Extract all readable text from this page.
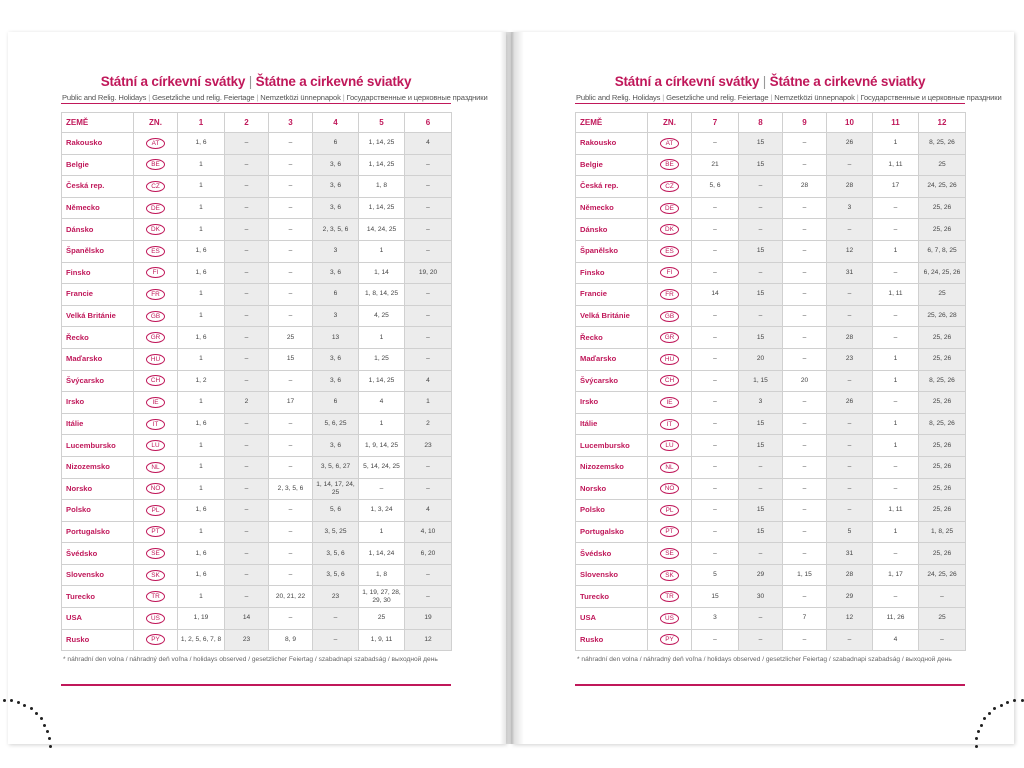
Státní a církevní svátky | Štátne a cirkevné sviatky
Public and Relig. Holidays | Gesetzliche und relig. Feiertage | Nemzetközi ünnepnapok | Государственные и церковные праздники
ZEMĚ	ZN.	1	2	3	4	5	6
Rakousko	AT	1, 6	–	–	6	1, 14, 25	4
Belgie	BE	1	–	–	3, 6	1, 14, 25	–
Česká rep.	CZ	1	–	–	3, 6	1, 8	–
Německo	DE	1	–	–	3, 6	1, 14, 25	–
Dánsko	DK	1	–	–	2, 3, 5, 6	14, 24, 25	–
Španělsko	ES	1, 6	–	–	3	1	–
Finsko	FI	1, 6	–	–	3, 6	1, 14	19, 20
Francie	FR	1	–	–	6	1, 8, 14, 25	–
Velká Británie	GB	1	–	–	3	4, 25	–
Řecko	GR	1, 6	–	25	13	1	–
Maďarsko	HU	1	–	15	3, 6	1, 25	–
Švýcarsko	CH	1, 2	–	–	3, 6	1, 14, 25	4
Irsko	IE	1	2	17	6	4	1
Itálie	IT	1, 6	–	–	5, 6, 25	1	2
Lucembursko	LU	1	–	–	3, 6	1, 9, 14, 25	23
Nizozemsko	NL	1	–	–	3, 5, 6, 27	5, 14, 24, 25	–
Norsko	NO	1	–	2, 3, 5, 6	1, 14, 17, 24, 25	–	–
Polsko	PL	1, 6	–	–	5, 6	1, 3, 24	4
Portugalsko	PT	1	–	–	3, 5, 25	1	4, 10
Švédsko	SE	1, 6	–	–	3, 5, 6	1, 14, 24	6, 20
Slovensko	SK	1, 6	–	–	3, 5, 6	1, 8	–
Turecko	TR	1	–	20, 21, 22	23	1, 19, 27, 28, 29, 30	–
USA	US	1, 19	14	–	–	25	19
Rusko	PY	1, 2, 5, 6, 7, 8	23	8, 9	–	1, 9, 11	12
* náhradní den volna / náhradný deň voľna / holidays observed / gesetzlicher Feiertag / szabadnapi szabadság / выходной день
Státní a církevní svátky | Štátne a cirkevné sviatky
Public and Relig. Holidays | Gesetzliche und relig. Feiertage | Nemzetközi ünnepnapok | Государственные и церковные праздники
ZEMĚ	ZN.	7	8	9	10	11	12
Rakousko	AT	–	15	–	26	1	8, 25, 26
Belgie	BE	21	15	–	–	1, 11	25
Česká rep.	CZ	5, 6	–	28	28	17	24, 25, 26
Německo	DE	–	–	–	3	–	25, 26
Dánsko	DK	–	–	–	–	–	25, 26
Španělsko	ES	–	15	–	12	1	6, 7, 8, 25
Finsko	FI	–	–	–	31	–	6, 24, 25, 26
Francie	FR	14	15	–	–	1, 11	25
Velká Británie	GB	–	–	–	–	–	25, 26, 28
Řecko	GR	–	15	–	28	–	25, 26
Maďarsko	HU	–	20	–	23	1	25, 26
Švýcarsko	CH	–	1, 15	20	–	1	8, 25, 26
Irsko	IE	–	3	–	26	–	25, 26
Itálie	IT	–	15	–	–	1	8, 25, 26
Lucembursko	LU	–	15	–	–	1	25, 26
Nizozemsko	NL	–	–	–	–	–	25, 26
Norsko	NO	–	–	–	–	–	25, 26
Polsko	PL	–	15	–	–	1, 11	25, 26
Portugalsko	PT	–	15	–	5	1	1, 8, 25
Švédsko	SE	–	–	–	31	–	25, 26
Slovensko	SK	5	29	1, 15	28	1, 17	24, 25, 26
Turecko	TR	15	30	–	29	–	–
USA	US	3	–	7	12	11, 26	25
Rusko	PY	–	–	–	–	4	–
* náhradní den volna / náhradný deň voľna / holidays observed / gesetzlicher Feiertag / szabadnapi szabadság / выходной день
